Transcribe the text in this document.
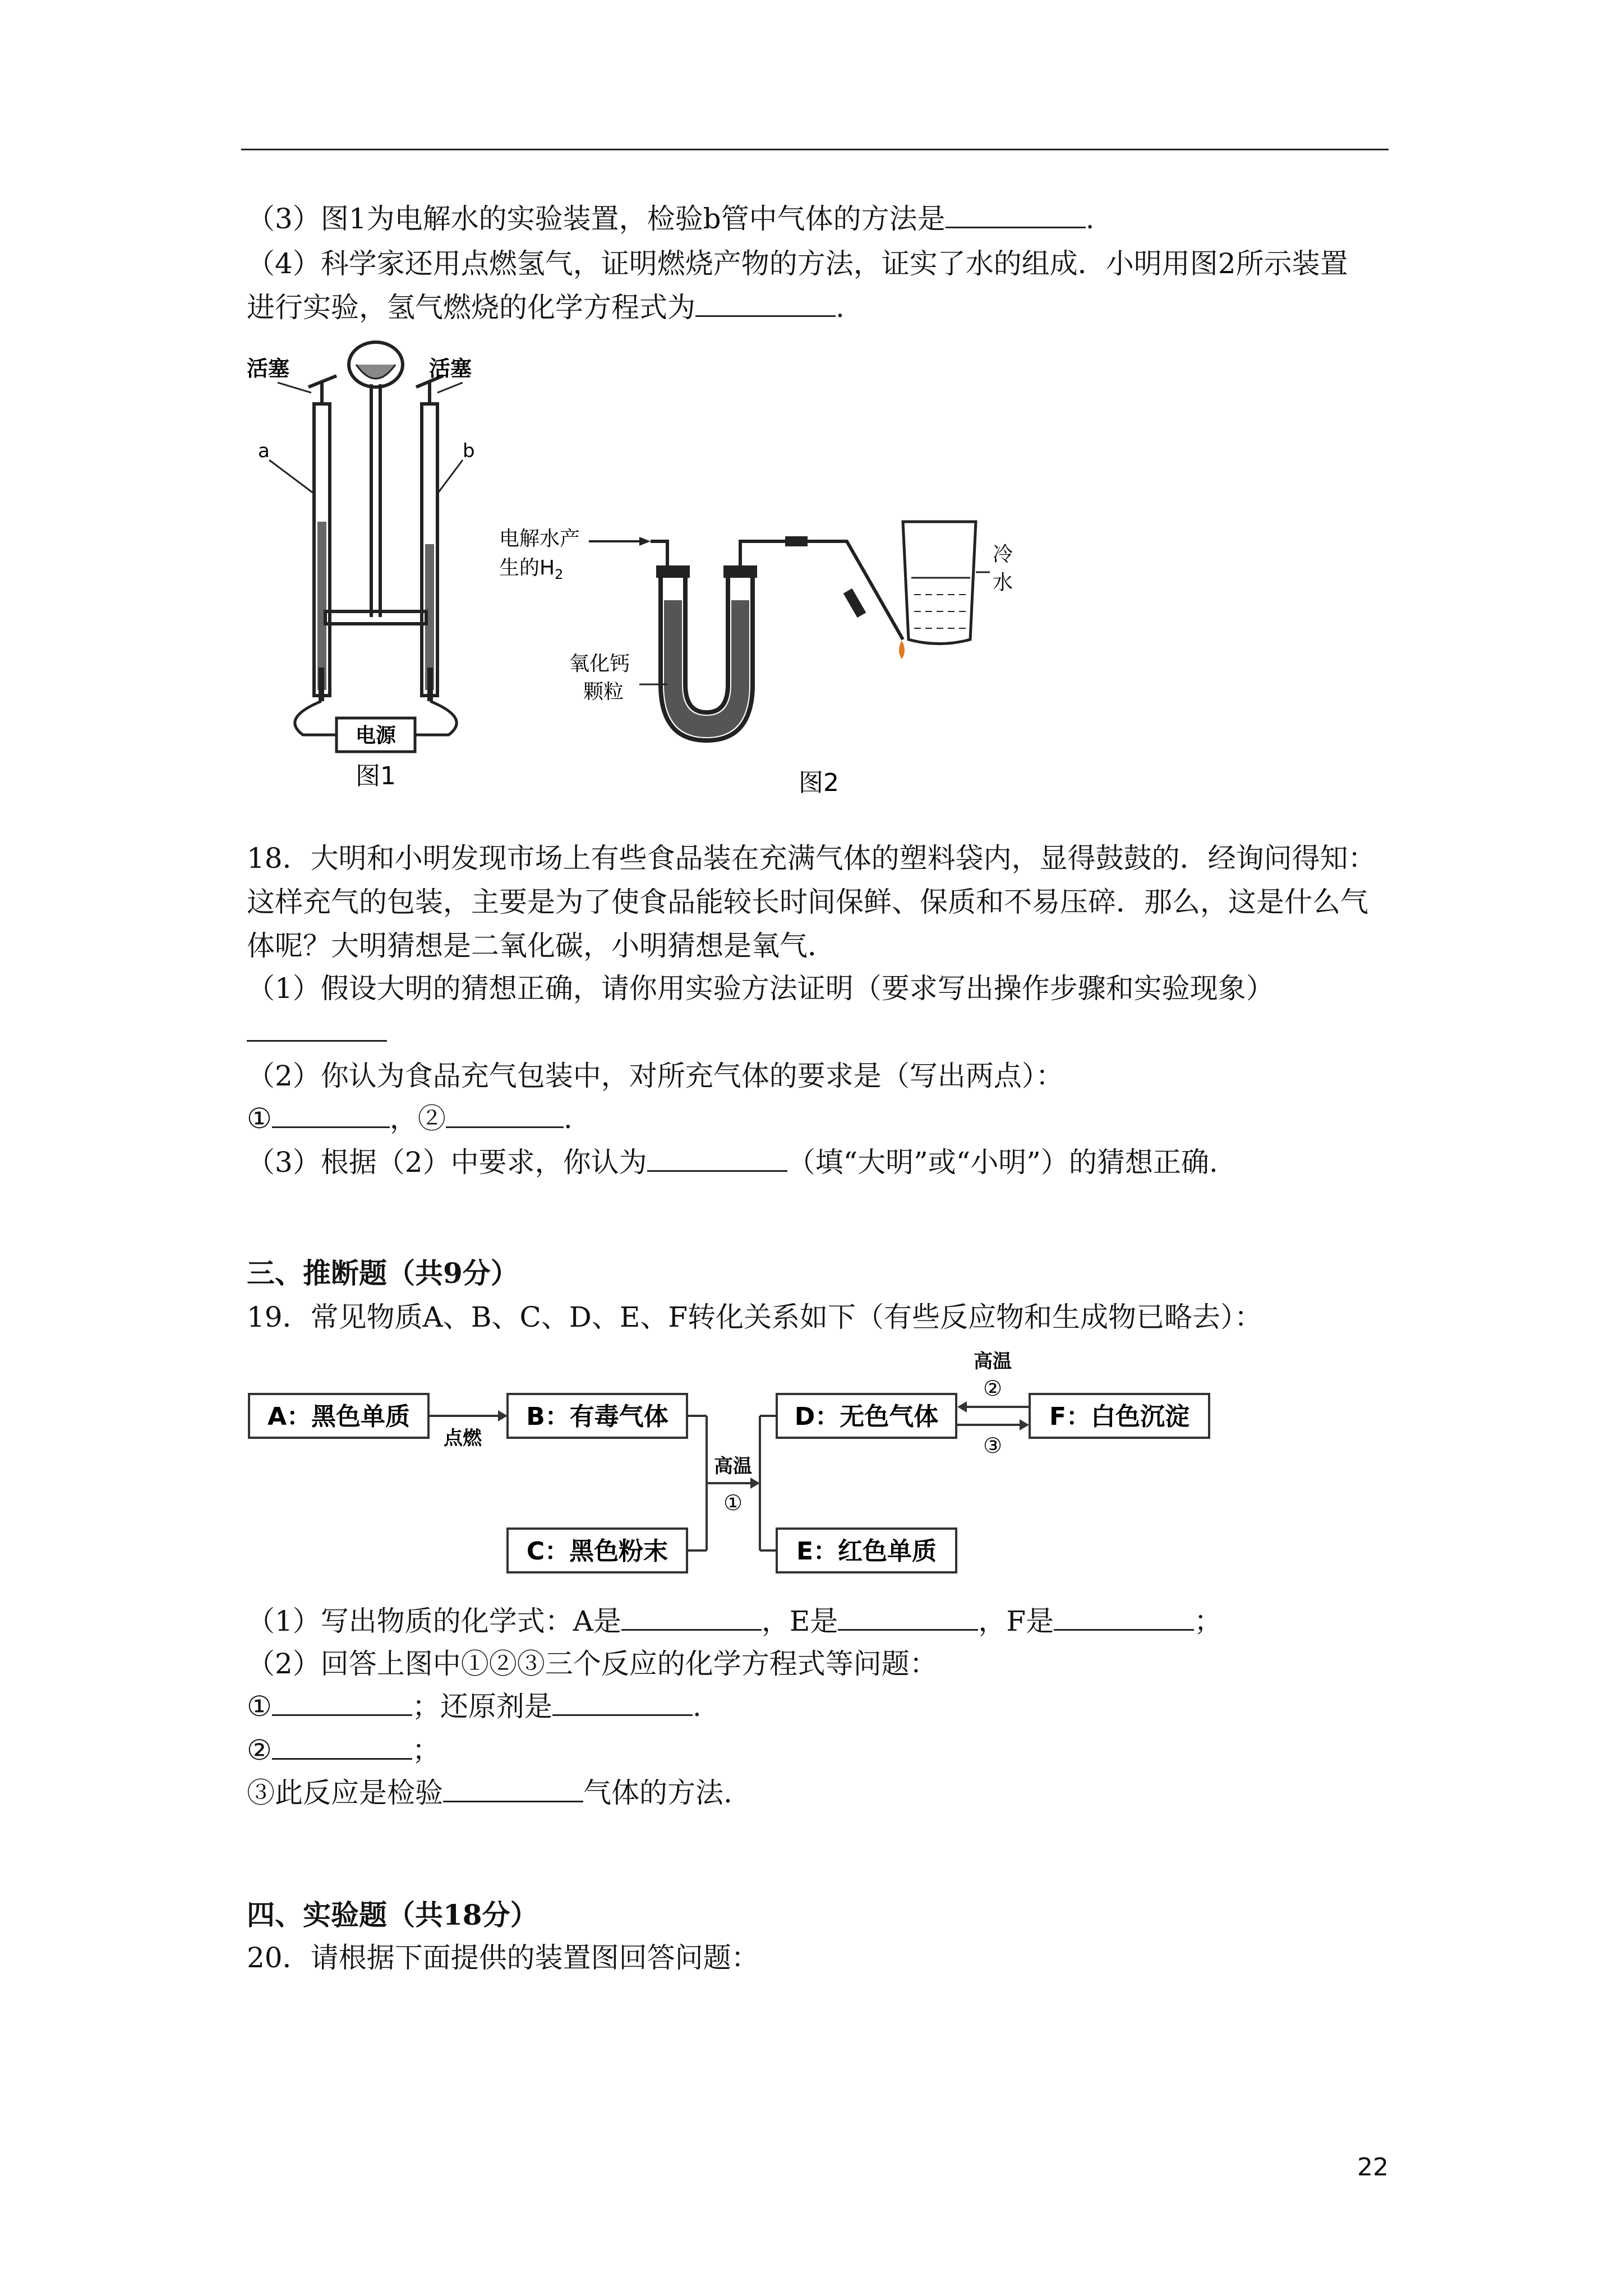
（3）图1为电解水的实验装置，检验b管中气体的方法是	.
（4）科学家还用点燃氢气，证明燃烧产物的方法，证实了水的组成．小明用图2所示装置
进行实验，氢气燃烧的化学方程式为	.
活塞	活塞
a	b
电源
图1
电解水产
生的$H_2$
氧化钙
颗粒
冷
水
图2
18．大明和小明发现市场上有些食品装在充满气体的塑料袋内，显得鼓鼓的．经询问得知：
这样充气的包装，主要是为了使食品能较长时间保鲜、保质和不易压碎．那么，这是什么气
体呢？大明猜想是二氧化碳，小明猜想是氧气．
（1）假设大明的猜想正确，请你用实验方法证明（要求写出操作步骤和实验现象）
（2）你认为食品充气包装中，对所充气体的要求是（写出两点）：
①	，②	.
（3）根据（2）中要求，你认为	（填“大明”或“小明”）的猜想正确.
三、推断题（共9分）
19．常见物质A、B、C、D、E、F转化关系如下（有些反应物和生成物已略去）：
A：黑色单质	B：有毒气体
C：黑色粉末
D：无色气体
E：红色单质
F：白色沉淀
点燃
高温
①
高温
②
③
（1）写出物质的化学式：A是	，E是	，F是	；
（2）回答上图中①②③三个反应的化学方程式等问题：
①	；还原剂是	.
②	；
③此反应是检验	气体的方法.
四、实验题（共18分）
20．请根据下面提供的装置图回答问题：
22
